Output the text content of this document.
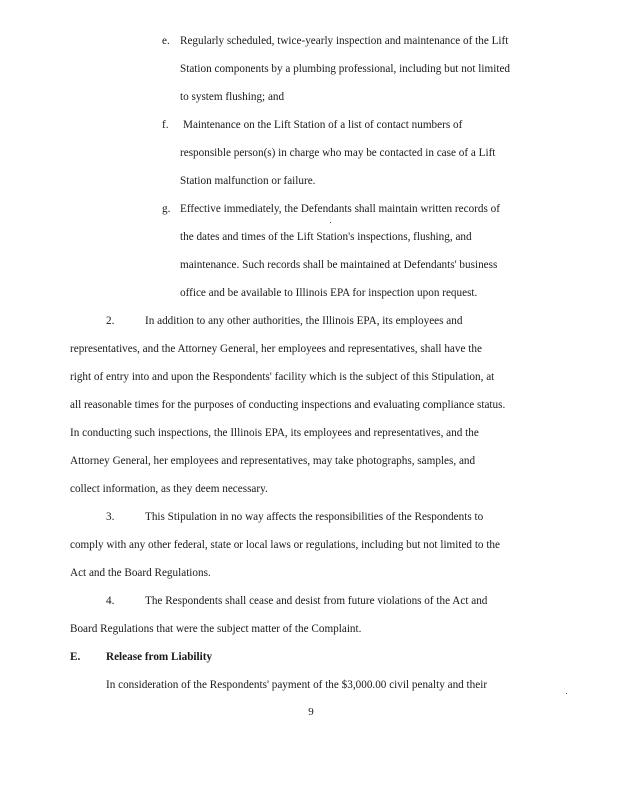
e. Regularly scheduled, twice-yearly inspection and maintenance of the Lift
Station components by a plumbing professional, including but not limited
to system flushing; and
f. Maintenance on the Lift Station of a list of contact numbers of
responsible person(s) in charge who may be contacted in case of a Lift
Station malfunction or failure.
g. Effective immediately, the Defendants shall maintain written records of
the dates and times of the Lift Station's inspections, flushing, and
maintenance. Such records shall be maintained at Defendants' business
office and be available to Illinois EPA for inspection upon request.
2.	In addition to any other authorities, the Illinois EPA, its employees and
representatives, and the Attorney General, her employees and representatives, shall have the
right of entry into and upon the Respondents' facility which is the subject of this Stipulation, at
all reasonable times for the purposes of conducting inspections and evaluating compliance status.
In conducting such inspections, the Illinois EPA, its employees and representatives, and the
Attorney General, her employees and representatives, may take photographs, samples, and
collect information, as they deem necessary.
3.	This Stipulation in no way affects the responsibilities of the Respondents to
comply with any other federal, state or local laws or regulations, including but not limited to the
Act and the Board Regulations.
4.	The Respondents shall cease and desist from future violations of the Act and
Board Regulations that were the subject matter of the Complaint.
E. Release from Liability
In consideration of the Respondents' payment of the $3,000.00 civil penalty and their
9
